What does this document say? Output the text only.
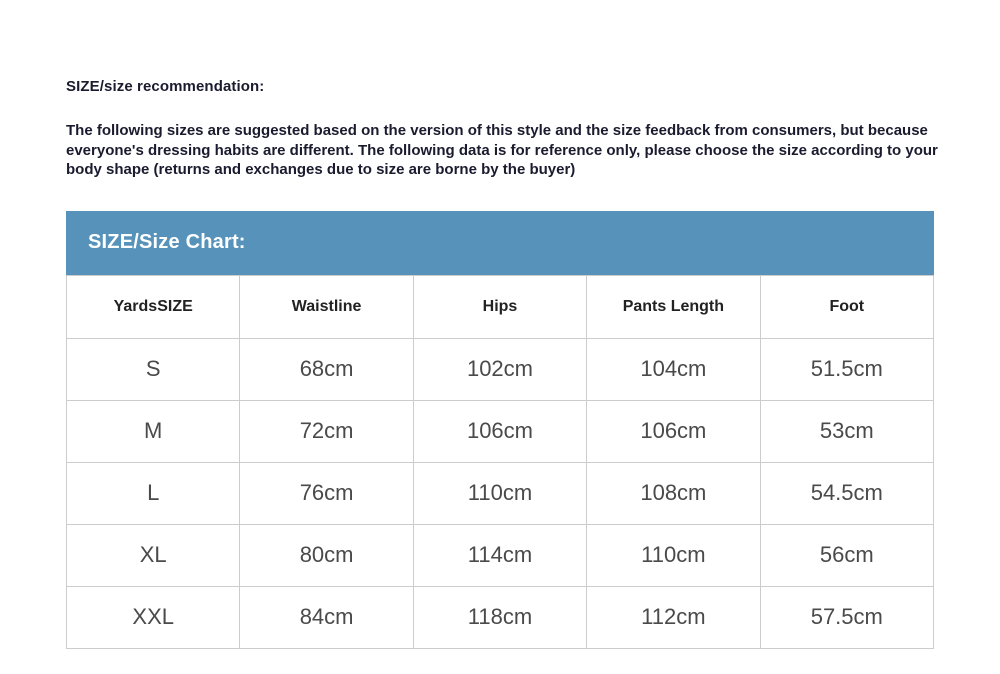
SIZE/size recommendation:

The following sizes are suggested based on the version of this style and the size feedback from consumers, but because everyone's dressing habits are different. The following data is for reference only, please choose the size according to your body shape (returns and exchanges due to size are borne by the buyer)

SIZE/Size Chart:
YardsSIZE	Waistline	Hips	Pants Length	Foot
S	68cm	102cm	104cm	51.5cm
M	72cm	106cm	106cm	53cm
L	76cm	110cm	108cm	54.5cm
XL	80cm	114cm	110cm	56cm
XXL	84cm	118cm	112cm	57.5cm
